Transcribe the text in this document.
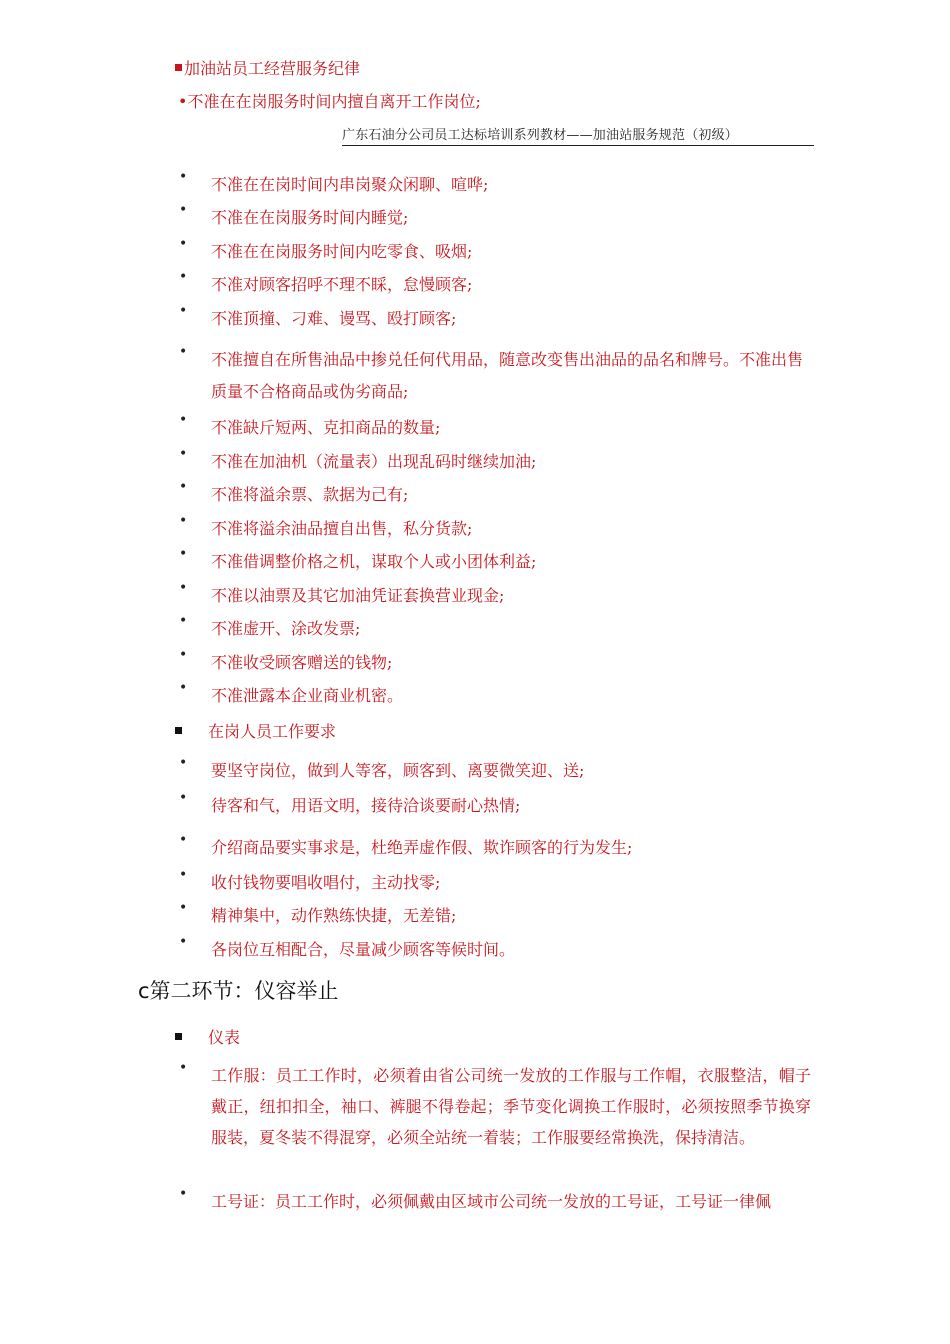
加油站员工经营服务纪律
•不准在在岗服务时间内擅自离开工作岗位;
广东石油分公司员工达标培训系列教材——加油站服务规范（初级）
• 不准在在岗时间内串岗聚众闲聊、喧哗;
• 不准在在岗服务时间内睡觉;
• 不准在在岗服务时间内吃零食、吸烟;
• 不准对顾客招呼不理不睬，怠慢顾客;
• 不准顶撞、刁难、谩骂、殴打顾客;
• 不准擅自在所售油品中掺兑任何代用品，随意改变售出油品的品名和牌号。不准出售质量不合格商品或伪劣商品;
• 不准缺斤短两、克扣商品的数量;
• 不准在加油机（流量表）出现乱码时继续加油;
• 不准将溢余票、款据为己有;
• 不准将溢余油品擅自出售，私分货款;
• 不准借调整价格之机，谋取个人或小团体利益;
• 不准以油票及其它加油凭证套换营业现金;
• 不准虚开、涂改发票;
• 不准收受顾客赠送的钱物;
• 不准泄露本企业商业机密。
在岗人员工作要求
• 要坚守岗位，做到人等客，顾客到、离要微笑迎、送;
• 待客和气，用语文明，接待洽谈要耐心热情;
• 介绍商品要实事求是，杜绝弄虚作假、欺诈顾客的行为发生;
• 收付钱物要唱收唱付，主动找零;
• 精神集中，动作熟练快捷，无差错;
• 各岗位互相配合，尽量减少顾客等候时间。
c第二环节：仪容举止
仪表
• 工作服：员工工作时，必须着由省公司统一发放的工作服与工作帽，衣服整洁，帽子戴正，纽扣扣全，袖口、裤腿不得卷起；季节变化调换工作服时，必须按照季节换穿服装，夏冬装不得混穿，必须全站统一着装；工作服要经常换洗，保持清洁。
• 工号证：员工工作时，必须佩戴由区域市公司统一发放的工号证，工号证一律佩
